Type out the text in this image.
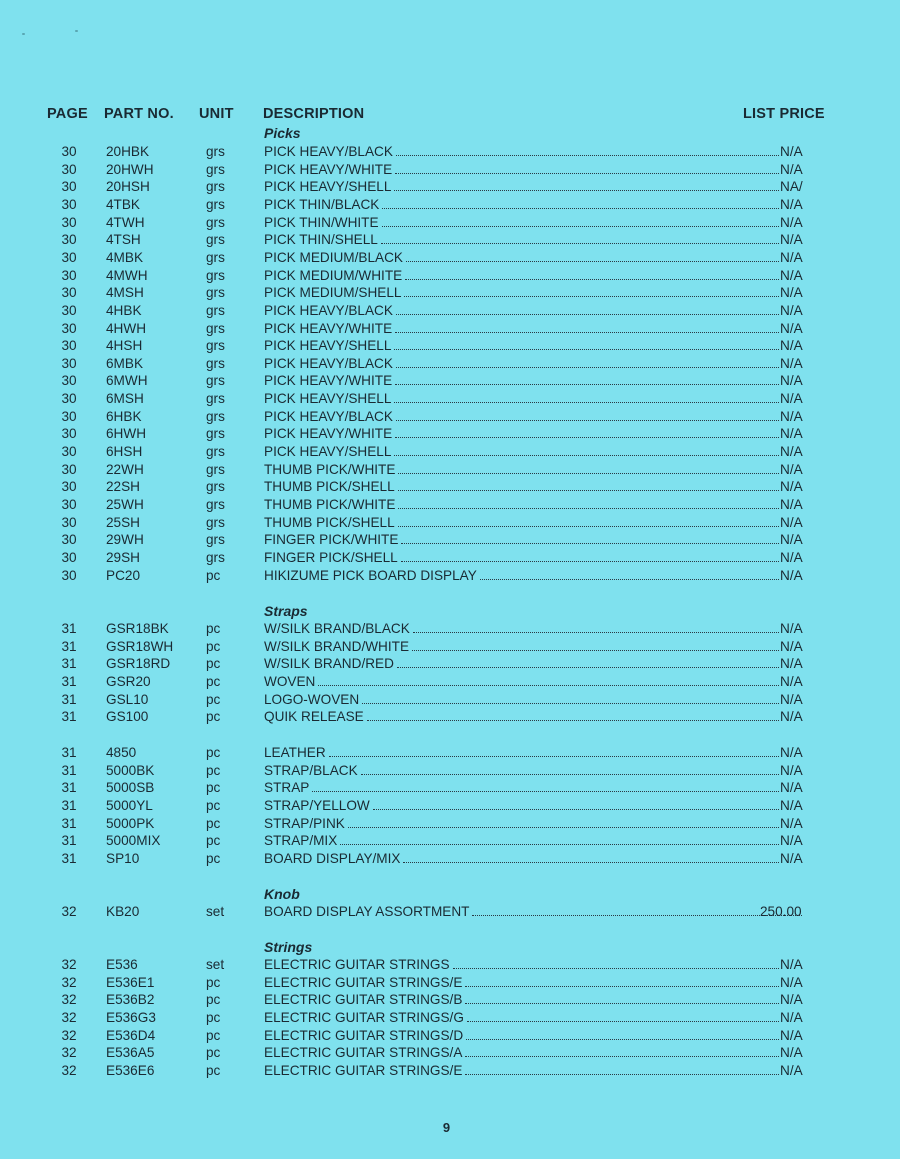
PAGE PART NO. UNIT DESCRIPTION	LIST PRICE
Picks
30	20HBK	grs	PICK HEAVY/BLACK	N/A
30	20HWH	grs	PICK HEAVY/WHITE	N/A
30	20HSH	grs	PICK HEAVY/SHELL	NA/
30	4TBK	grs	PICK THIN/BLACK	N/A
30	4TWH	grs	PICK THIN/WHITE	N/A
30	4TSH	grs	PICK THIN/SHELL	N/A
30	4MBK	grs	PICK MEDIUM/BLACK	N/A
30	4MWH	grs	PICK MEDIUM/WHITE	N/A
30	4MSH	grs	PICK MEDIUM/SHELL	N/A
30	4HBK	grs	PICK HEAVY/BLACK	N/A
30	4HWH	grs	PICK HEAVY/WHITE	N/A
30	4HSH	grs	PICK HEAVY/SHELL	N/A
30	6MBK	grs	PICK HEAVY/BLACK	N/A
30	6MWH	grs	PICK HEAVY/WHITE	N/A
30	6MSH	grs	PICK HEAVY/SHELL	N/A
30	6HBK	grs	PICK HEAVY/BLACK	N/A
30	6HWH	grs	PICK HEAVY/WHITE	N/A
30	6HSH	grs	PICK HEAVY/SHELL	N/A
30	22WH	grs	THUMB PICK/WHITE	N/A
30	22SH	grs	THUMB PICK/SHELL	N/A
30	25WH	grs	THUMB PICK/WHITE	N/A
30	25SH	grs	THUMB PICK/SHELL	N/A
30	29WH	grs	FINGER PICK/WHITE	N/A
30	29SH	grs	FINGER PICK/SHELL	N/A
30	PC20	pc	HIKIZUME PICK BOARD DISPLAY	N/A
Straps
31	GSR18BK	pc	W/SILK BRAND/BLACK	N/A
31	GSR18WH pc	W/SILK BRAND/WHITE	N/A
31	GSR18RD	pc	W/SILK BRAND/RED	N/A
31	GSR20	pc	WOVEN	N/A
31	GSL10	pc	LOGO-WOVEN	N/A
31	GS100	pc	QUIK RELEASE	N/A
31	4850	pc	LEATHER	N/A
31	5000BK	pc	STRAP/BLACK	N/A
31	5000SB	pc	STRAP	N/A
31	5000YL	pc	STRAP/YELLOW	N/A
31	5000PK	pc	STRAP/PINK	N/A
31	5000MIX	pc	STRAP/MIX	N/A
31	SP10	pc	BOARD DISPLAY/MIX	N/A
Knob
32	KB20	set	BOARD DISPLAY ASSORTMENT	250.00
Strings
32	E536	set	ELECTRIC GUITAR STRINGS	N/A
32	E536E1	pc	ELECTRIC GUITAR STRINGS/E	N/A
32	E536B2	pc	ELECTRIC GUITAR STRINGS/B	N/A
32	E536G3	pc	ELECTRIC GUITAR STRINGS/G	N/A
32	E536D4	pc	ELECTRIC GUITAR STRINGS/D	N/A
32	E536A5	pc	ELECTRIC GUITAR STRINGS/A	N/A
32	E536E6	pc	ELECTRIC GUITAR STRINGS/E	N/A
9
